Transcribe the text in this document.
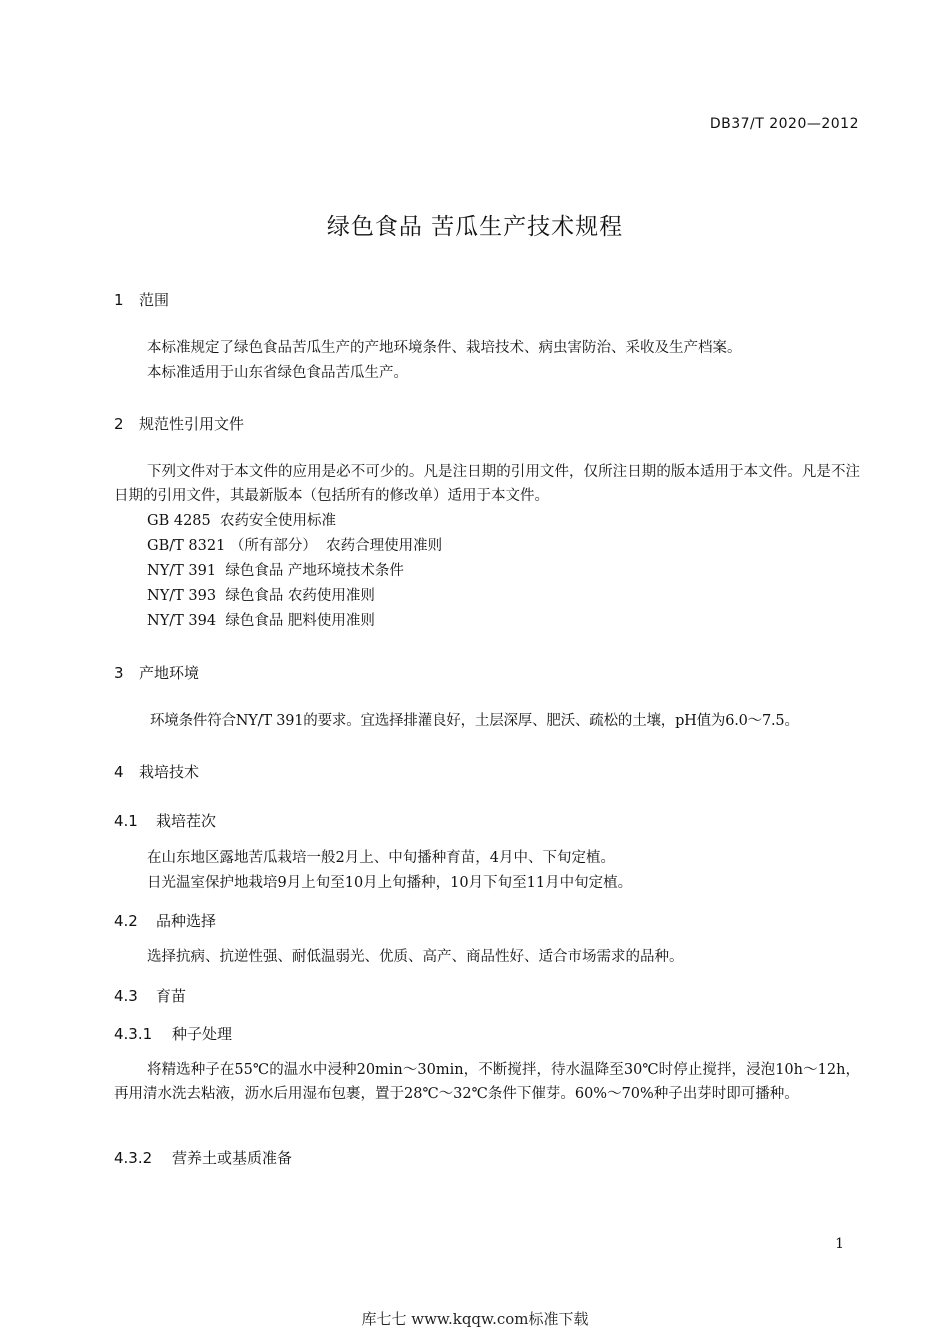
DB37/T 2020—2012
绿色食品 苦瓜生产技术规程
1 范围

本标准规定了绿色食品苦瓜生产的产地环境条件、栽培技术、病虫害防治、采收及生产档案。

本标准适用于山东省绿色食品苦瓜生产。

2 规范性引用文件

下列文件对于本文件的应用是必不可少的。凡是注日期的引用文件，仅所注日期的版本适用于本文件。凡是不注日期的引用文件，其最新版本（包括所有的修改单）适用于本文件。

GB 4285  农药安全使用标准
GB/T 8321 （所有部分）  农药合理使用准则
NY/T 391  绿色食品 产地环境技术条件
NY/T 393  绿色食品 农药使用准则
NY/T 394  绿色食品 肥料使用准则
3 产地环境

环境条件符合NY/T 391的要求。宜选择排灌良好，土层深厚、肥沃、疏松的土壤，pH值为6.0～7.5。

4 栽培技术
4.1 栽培茬次

在山东地区露地苦瓜栽培一般2月上、中旬播种育苗，4月中、下旬定植。

日光温室保护地栽培9月上旬至10月上旬播种，10月下旬至11月中旬定植。

4.2 品种选择

选择抗病、抗逆性强、耐低温弱光、优质、高产、商品性好、适合市场需求的品种。

4.3 育苗
4.3.1 种子处理

将精选种子在55℃的温水中浸种20min～30min，不断搅拌，待水温降至30℃时停止搅拌，浸泡10h～12h，再用清水洗去粘液，沥水后用湿布包裹，置于28℃～32℃条件下催芽。60%～70%种子出芽时即可播种。

4.3.2 营养土或基质准备
1
库七七 www.kqqw.com标准下载
